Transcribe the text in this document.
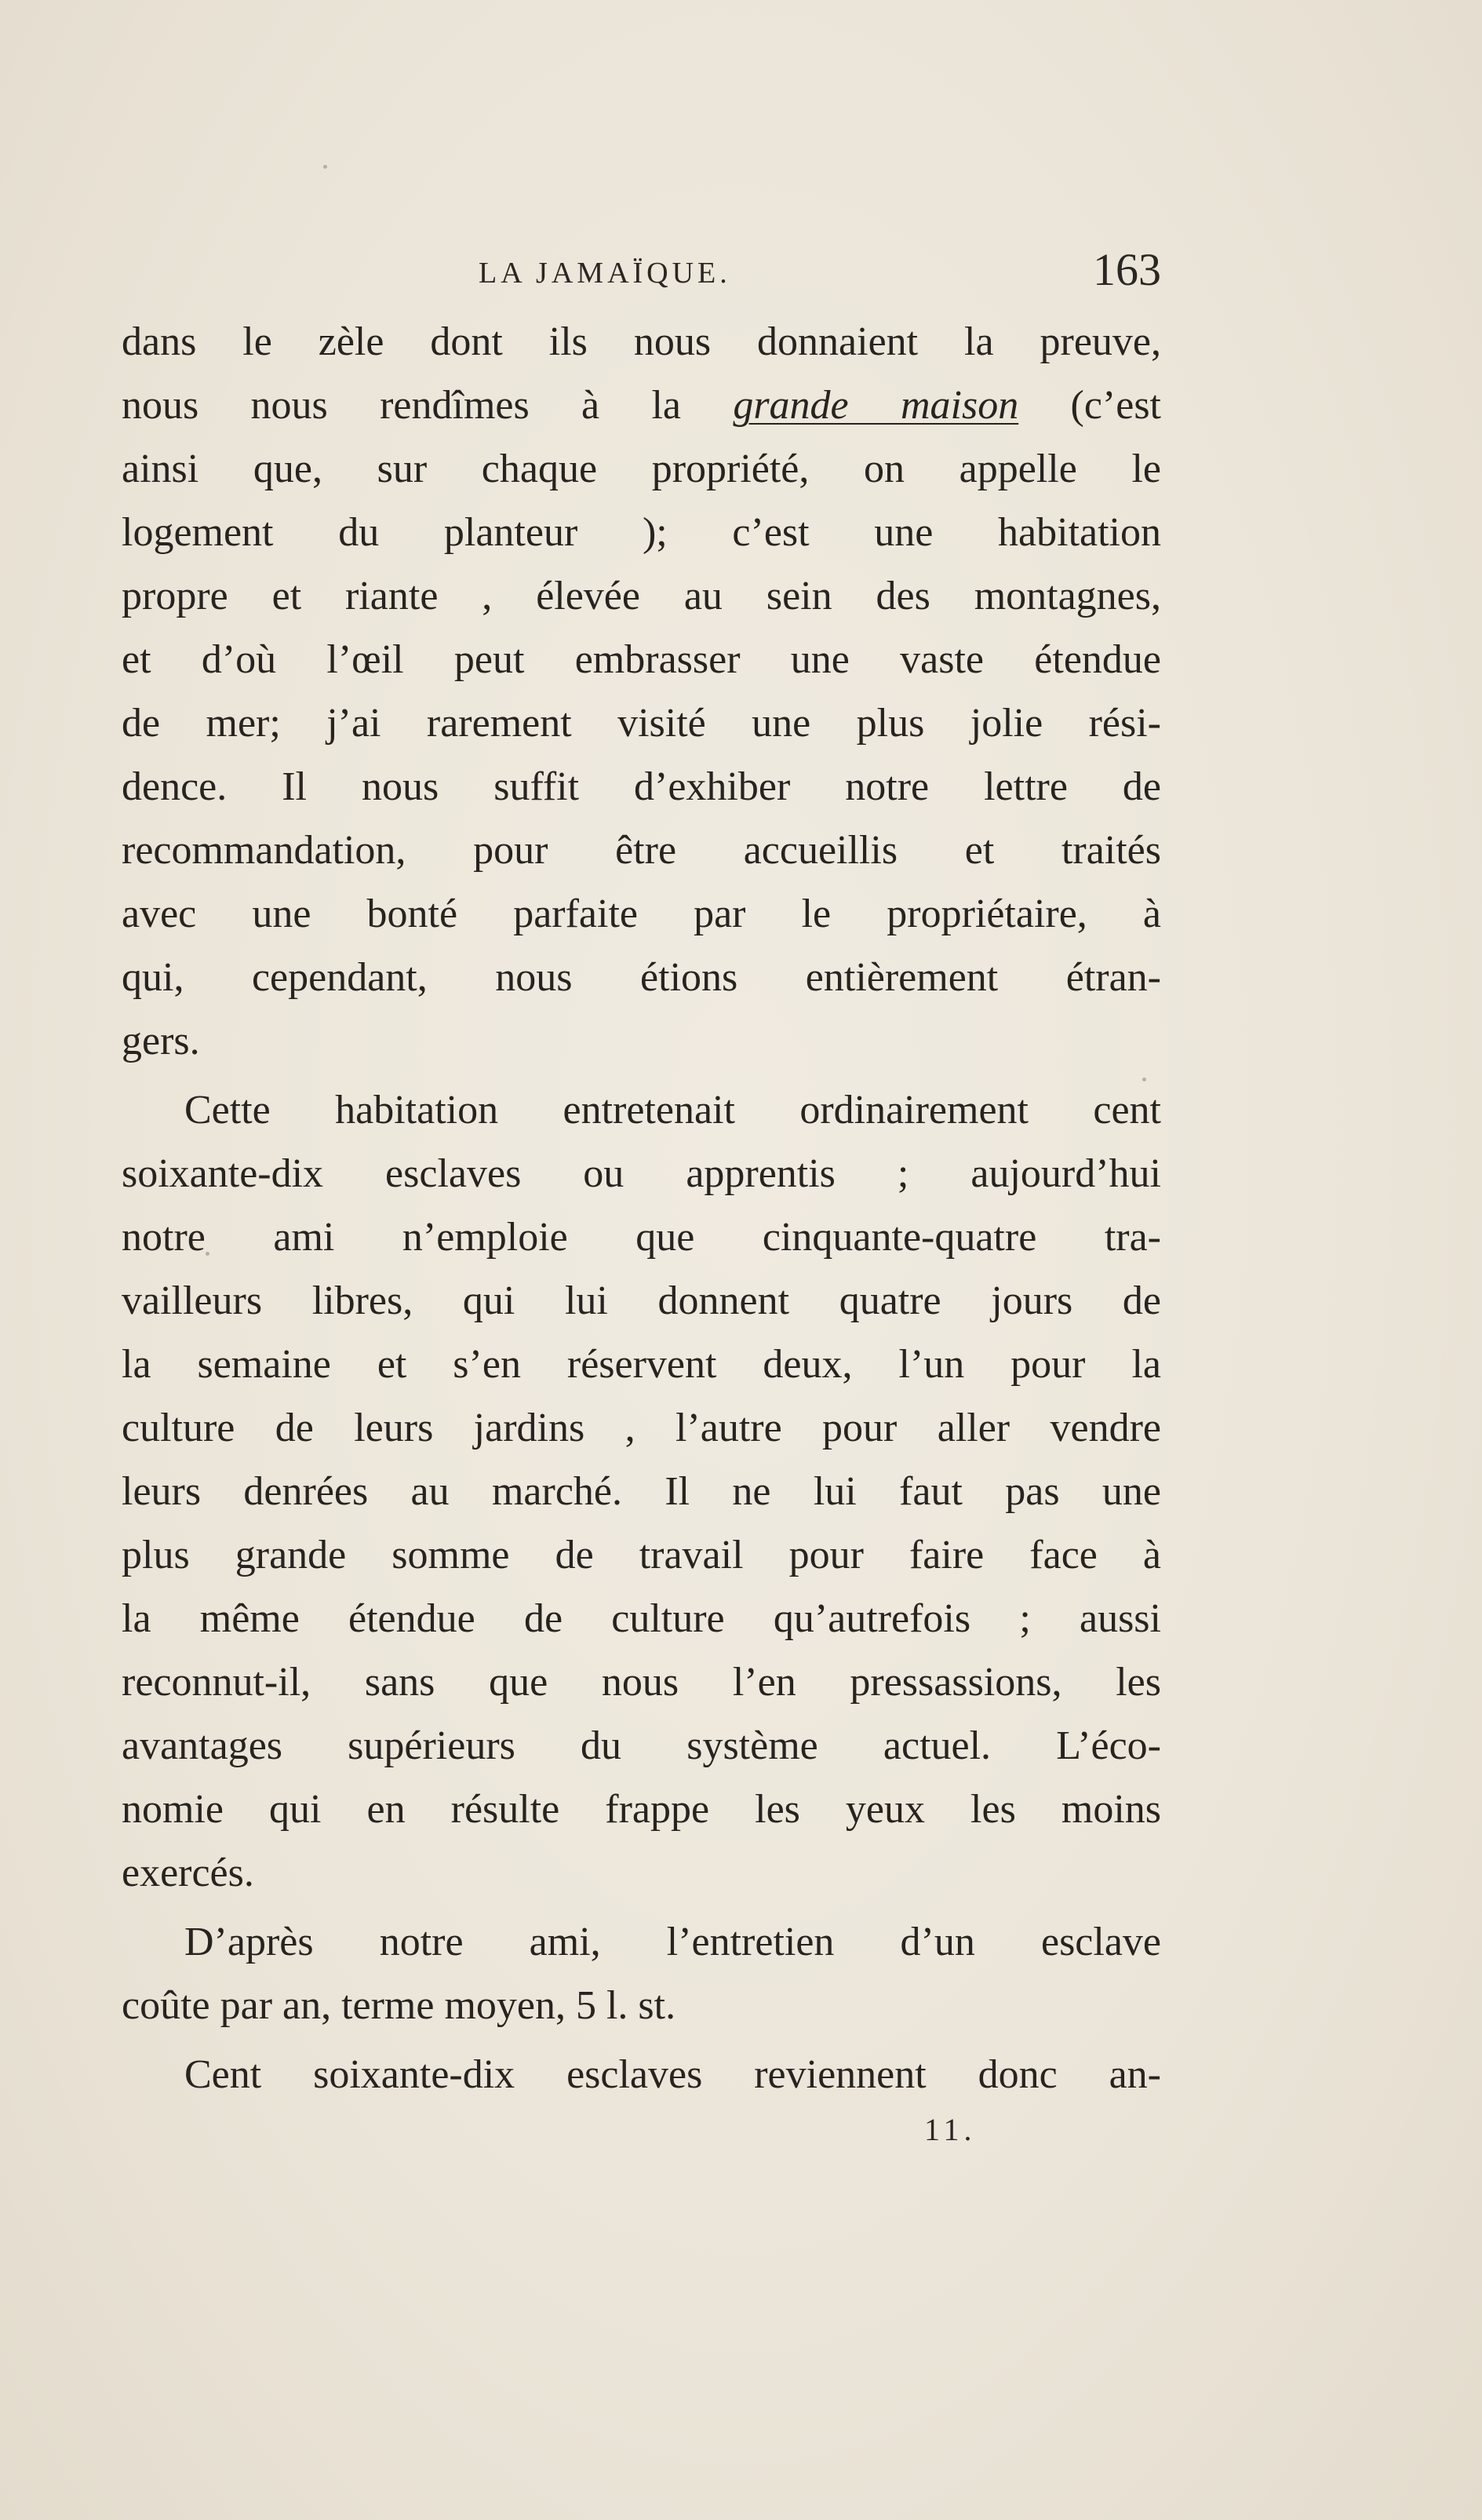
LA JAMAÏQUE.	163
dans le zèle dont ils nous donnaient la preuve,
nous nous rendîmes à la grande maison (c’est
ainsi que, sur chaque propriété, on appelle le
logement du planteur ); c’est une habitation
propre et riante , élevée au sein des montagnes,
et d’où l’œil peut embrasser une vaste étendue
de mer; j’ai rarement visité une plus jolie rési-
dence. Il nous suffit d’exhiber notre lettre de
recommandation, pour être accueillis et traités
avec une bonté parfaite par le propriétaire, à
qui, cependant, nous étions entièrement étran-
gers.
Cette habitation entretenait ordinairement cent
soixante-dix esclaves ou apprentis ; aujourd’hui
notre ami n’emploie que cinquante-quatre tra-
vailleurs libres, qui lui donnent quatre jours de
la semaine et s’en réservent deux, l’un pour la
culture de leurs jardins , l’autre pour aller vendre
leurs denrées au marché. Il ne lui faut pas une
plus grande somme de travail pour faire face à
la même étendue de culture qu’autrefois ; aussi
reconnut-il, sans que nous l’en pressassions, les
avantages supérieurs du système actuel. L’éco-
nomie qui en résulte frappe les yeux les moins
exercés.
D’après notre ami, l’entretien d’un esclave
coûte par an, terme moyen, 5 l. st.
Cent soixante-dix esclaves reviennent donc an-
11.
